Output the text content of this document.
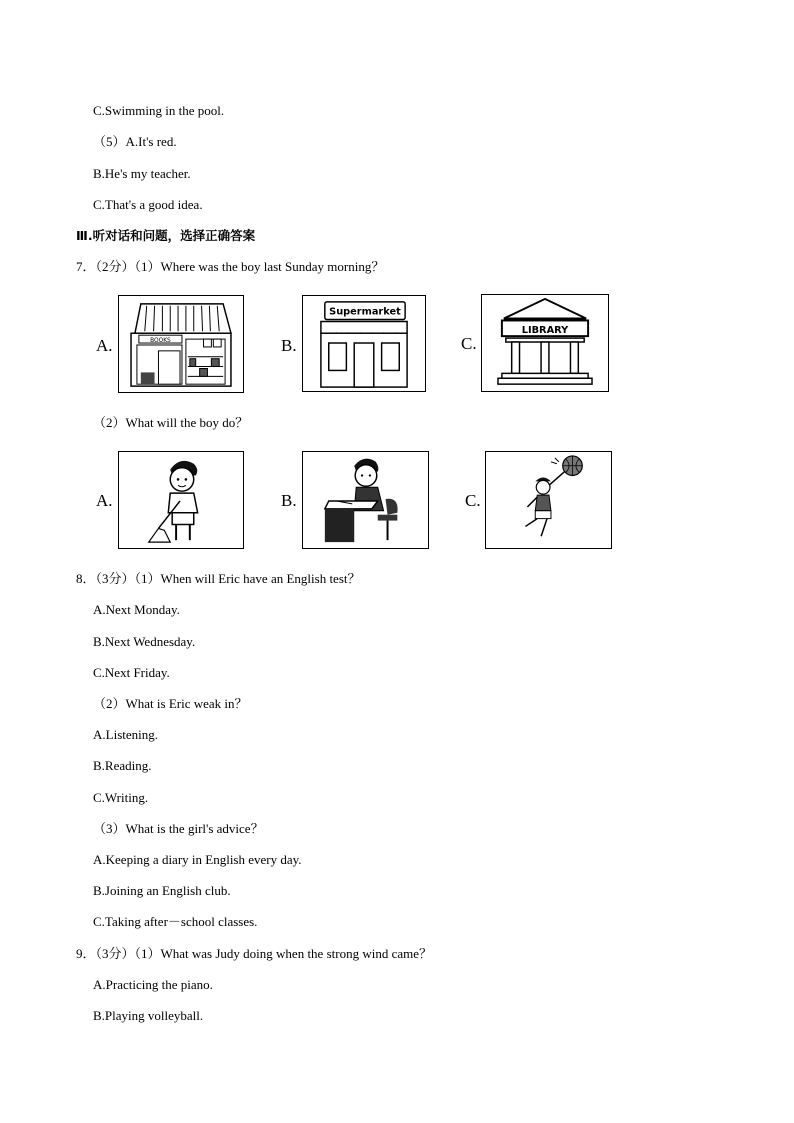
C.Swimming in the pool.
（5）A.It's red.
B.He's my teacher.
C.That's a good idea.
Ⅲ.听对话和问题，选择正确答案
7．（2分）（1）Where was the boy last Sunday morning？
A.	BOOKS	B.
Supermarket
C.
LIBRARY
（2）What will the boy do？
A.	B.	C.
8．（3分）（1）When will Eric have an English test？
A.Next Monday.
B.Next Wednesday.
C.Next Friday.
（2）What is Eric weak in？
A.Listening.
B.Reading.
C.Writing.
（3）What is the girl's advice？
A.Keeping a diary in English every day.
B.Joining an English club.
C.Taking after－school classes.
9．（3分）（1）What was Judy doing when the strong wind came？
A.Practicing the piano.
B.Playing volleyball.
